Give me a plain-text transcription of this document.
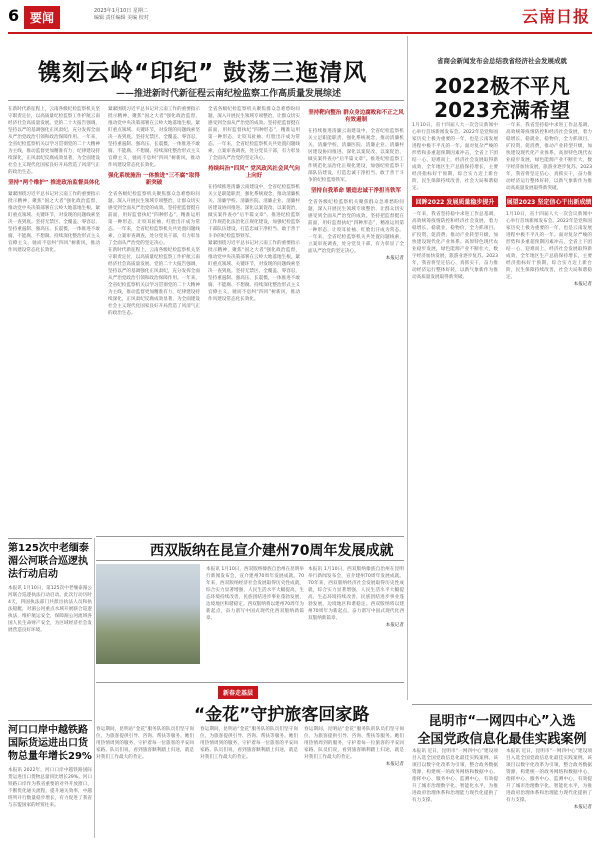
6 要闻	2023年1月10日 星期二
编辑 责任编辑 美编 校对	云南日报
镌刻云岭“印纪” 鼓荡三迤清风
——推进新时代新征程云南纪检监察工作高质量发展综述
在新时代新征程上，云南各级纪检监察机关坚守职责定位，以高质量纪检监察工作护航云南经济社会高质量发展。党的二十大报告强调，坚持以严的基调强化正风肃纪，充分发挥全面从严治党政治引领和政治保障作用。一年来，全省纪检监察机关以学习贯彻党的二十大精神为主线，推动监督更加精准有力，纪律建设持续深化，正风肃纪反腐成效显著，为全面建设社会主义现代化国家良好开局营造了风清气正的政治生态。
坚持“两个维护” 推进政治监督具体化
紧紧围绕习近平总书记对云南工作的重要指示批示精神，聚焦“国之大者”强化政治监督，推动党中央决策部署在云岭大地落地生根。紧盯重点领域、关键环节，对发现的问题线索坚决一查到底。坚持无禁区、全覆盖、零容忍，坚持重遏制、强高压、长震慑，一体推进不敢腐、不能腐、不想腐。持续深化整治形式主义官僚主义，驰而不息纠“四风”树新风，推动作风建设常态化长效化。
紧紧围绕习近平总书记对云南工作的重要指示批示精神，聚焦“国之大者”强化政治监督，推动党中央决策部署在云岭大地落地生根。紧盯重点领域、关键环节，对发现的问题线索坚决一查到底。坚持无禁区、全覆盖、零容忍，坚持重遏制、强高压、长震慑，一体推进不敢腐、不能腐、不想腐。持续深化整治形式主义官僚主义，驰而不息纠“四风”树新风，推动作风建设常态化长效化。
强化系统施治 一体推进“三不腐”取得新突破
全省各级纪检监察机关聚焦群众急难愁盼问题，深入开展民生领域专项整治，让群众切实感受到全面从严治党的成效。坚持把监督挺在前面，用好监督执纪“四种形态”，精准运用第一种形态，让咬耳扯袖、红脸出汗成为常态。一年来，全省纪检监察机关共处置问题线索，立案审查调查，处分党员干部，有力彰显了全面从严治党的坚定决心。
在新时代新征程上，云南各级纪检监察机关坚守职责定位，以高质量纪检监察工作护航云南经济社会高质量发展。党的二十大报告强调，坚持以严的基调强化正风肃纪，充分发挥全面从严治党政治引领和政治保障作用。一年来，全省纪检监察机关以学习贯彻党的二十大精神为主线，推动监督更加精准有力，纪律建设持续深化，正风肃纪反腐成效显著，为全面建设社会主义现代化国家良好开局营造了风清气正的政治生态。
全省各级纪检监察机关聚焦群众急难愁盼问题，深入开展民生领域专项整治，让群众切实感受到全面从严治党的成效。坚持把监督挺在前面，用好监督执纪“四种形态”，精准运用第一种形态，让咬耳扯袖、红脸出汗成为常态。一年来，全省纪检监察机关共处置问题线索，立案审查调查，处分党员干部，有力彰显了全面从严治党的坚定决心。
持续纠治“四风” 党风政风社会风气向上向好
在持续推进清廉云南建设中，全省纪检监察机关立足职能职责，强化系统观念，推动清廉机关、清廉学校、清廉医院、清廉企业、清廉村居建设协同推进。深化以案促改、以案促治，做实案件查办“后半篇文章”。推进纪检监察工作规范化法治化正规化建设，加强纪检监察干部队伍建设，打造忠诚干净担当、敢于善于斗争的纪检监察铁军。
紧紧围绕习近平总书记对云南工作的重要指示批示精神，聚焦“国之大者”强化政治监督，推动党中央决策部署在云岭大地落地生根。紧盯重点领域、关键环节，对发现的问题线索坚决一查到底。坚持无禁区、全覆盖、零容忍，坚持重遏制、强高压、长震慑，一体推进不敢腐、不能腐、不想腐。持续深化整治形式主义官僚主义，驰而不息纠“四风”树新风，推动作风建设常态化长效化。
坚持靶向整治 群众身边腐败和不正之风有效遏制
在持续推进清廉云南建设中，全省纪检监察机关立足职能职责，强化系统观念，推动清廉机关、清廉学校、清廉医院、清廉企业、清廉村居建设协同推进。深化以案促改、以案促治，做实案件查办“后半篇文章”。推进纪检监察工作规范化法治化正规化建设，加强纪检监察干部队伍建设，打造忠诚干净担当、敢于善于斗争的纪检监察铁军。
坚持自我革命 锻造忠诚干净担当铁军
全省各级纪检监察机关聚焦群众急难愁盼问题，深入开展民生领域专项整治，让群众切实感受到全面从严治党的成效。坚持把监督挺在前面，用好监督执纪“四种形态”，精准运用第一种形态，让咬耳扯袖、红脸出汗成为常态。一年来，全省纪检监察机关共处置问题线索，立案审查调查，处分党员干部，有力彰显了全面从严治党的坚定决心。
本报记者
省商会新闻发布会总结我省经济社会发展成就
2022极不平凡
2023充满希望
1月10日，省十四届人大一次会议新闻中心举行首场新闻发布会。2022年是党和国家历史上极为重要的一年，也是云南发展进程中极不平凡的一年。面对复杂严峻的形势和多重超预期因素冲击，全省上下团结一心、迎难而上，经济社会发展取得新成效，全年地区生产总值保持增长，主要经济指标好于预期，综合实力迈上新台阶，民生保障持续改善，社会大局和谐稳定。
回眸2022 发展质量稳步提升
一年来，我省坚持稳中求进工作总基调，高效统筹疫情防控和经济社会发展，着力稳增长、稳就业、稳物价，全力抓项目、扩投资、促消费，推动产业转型升级，加快建设现代化产业体系。高原特色现代农业稳步发展，绿色能源产业不断壮大，数字经济加快发展，旅游业逐步复苏。2023年，我省将坚定信心、真抓实干，奋力推动经济运行整体好转，以新气象新作为推动高质量发展取得新突破。
一年来，我省坚持稳中求进工作总基调，高效统筹疫情防控和经济社会发展，着力稳增长、稳就业、稳物价，全力抓项目、扩投资、促消费，推动产业转型升级，加快建设现代化产业体系。高原特色现代农业稳步发展，绿色能源产业不断壮大，数字经济加快发展，旅游业逐步复苏。2023年，我省将坚定信心、真抓实干，奋力推动经济运行整体好转，以新气象新作为推动高质量发展取得新突破。
展望2023 坚定信心干出新成绩
1月10日，省十四届人大一次会议新闻中心举行首场新闻发布会。2022年是党和国家历史上极为重要的一年，也是云南发展进程中极不平凡的一年。面对复杂严峻的形势和多重超预期因素冲击，全省上下团结一心、迎难而上，经济社会发展取得新成效，全年地区生产总值保持增长，主要经济指标好于预期，综合实力迈上新台阶，民生保障持续改善，社会大局和谐稳定。
本报记者
第125次中老缅泰湄公河联合巡逻执法行动启动
本报讯 1月10日，第125次中老缅泰湄公河联合巡逻执法行动启动。此次行动历时4天，四国执法部门共派出执法人员和执法船艇，对湄公河重点水域开展联合巡逻执法，维护航运安全，保障湄公河流域各国人民生命财产安全，为区域经济社会发展营造良好环境。
河口口岸中越铁路国际货运进出口货物总量年增长29%
本报讯 2022年，河口口岸中越铁路国际货运进出口货物总量同比增长29%。河口铁路口岸作为我省重要的对外开放窗口，不断优化通关流程，提升通关效率，中越班列开行数量稳步增长，有力促进了我省与东盟国家的经贸往来。
西双版纳在昆宣介建州70周年发展成就
本报讯 1月10日，西双版纳傣族自治州在昆明举行新闻发布会，宣介建州70周年发展成就。70年来，西双版纳经济社会发展取得历史性成就，综合实力显著增强，人民生活水平大幅提高，生态环境持续改善，民族团结进步事业蓬勃发展，边境地区和谐稳定。西双版纳将以建州70周年为新起点，奋力谱写中国式现代化西双版纳新篇章。
本报讯 1月10日，西双版纳傣族自治州在昆明举行新闻发布会，宣介建州70周年发展成就。70年来，西双版纳经济社会发展取得历史性成就，综合实力显著增强，人民生活水平大幅提高，生态环境持续改善，民族团结进步事业蓬勃发展，边境地区和谐稳定。西双版纳将以建州70周年为新起点，奋力谱写中国式现代化西双版纳新篇章。
本报记者
新春走基层
“金花”守护旅客回家路
春运期间，昆明站“金花”服务队的队员们坚守岗位，为旅客提供引导、咨询、帮扶等服务。她们用热情周到的服务，守护着每一位旅客的平安回家路。队员们说，看到旅客顺利踏上归途，就是对我们工作最大的肯定。
春运期间，昆明站“金花”服务队的队员们坚守岗位，为旅客提供引导、咨询、帮扶等服务。她们用热情周到的服务，守护着每一位旅客的平安回家路。队员们说，看到旅客顺利踏上归途，就是对我们工作最大的肯定。
春运期间，昆明站“金花”服务队的队员们坚守岗位，为旅客提供引导、咨询、帮扶等服务。她们用热情周到的服务，守护着每一位旅客的平安回家路。队员们说，看到旅客顺利踏上归途，就是对我们工作最大的肯定。
本报记者
昆明市“一网四中心”入选
全国党政信息化最佳实践案例
本报讯 近日，昆明市“一网四中心”建设项目入选全国党政信息化最佳实践案例。该项目以数字化改革为引领，整合政务数据资源，构建统一的政务网络和数据中心、指挥中心、服务中心、监测中心，有效提升了城市治理数字化、智能化水平，为推进政府治理体系和治理能力现代化提供了有力支撑。
本报讯 近日，昆明市“一网四中心”建设项目入选全国党政信息化最佳实践案例。该项目以数字化改革为引领，整合政务数据资源，构建统一的政务网络和数据中心、指挥中心、服务中心、监测中心，有效提升了城市治理数字化、智能化水平，为推进政府治理体系和治理能力现代化提供了有力支撑。
本报记者
